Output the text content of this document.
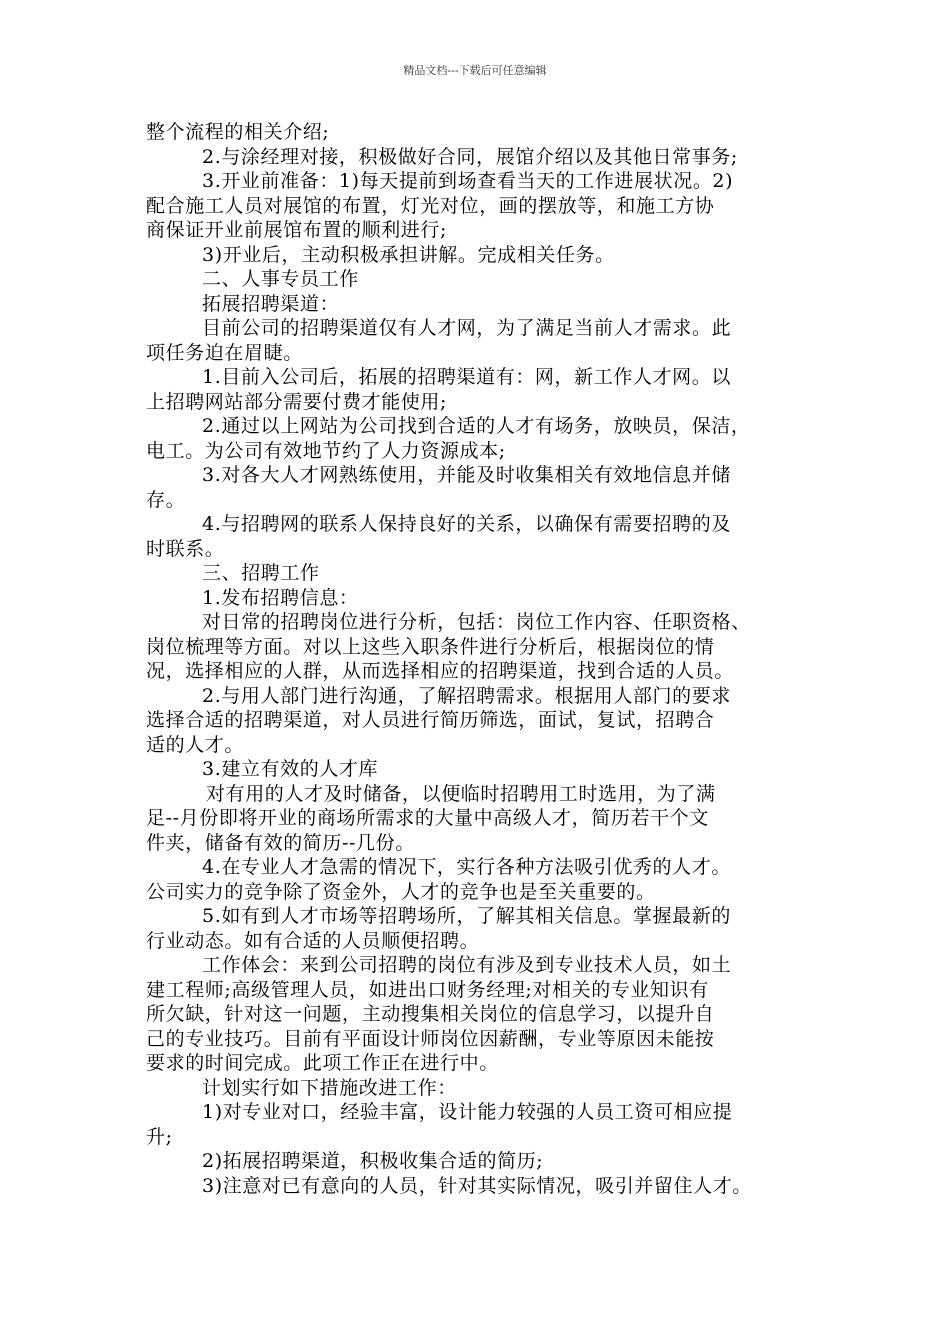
精品文档---下载后可任意编辑
整个流程的相关介绍;
2.与涂经理对接，积极做好合同，展馆介绍以及其他日常事务;
3.开业前准备：1)每天提前到场查看当天的工作进展状况。2)
配合施工人员对展馆的布置，灯光对位，画的摆放等，和施工方协
商保证开业前展馆布置的顺利进行;
3)开业后，主动积极承担讲解。完成相关任务。
二、人事专员工作
拓展招聘渠道：
目前公司的招聘渠道仅有人才网，为了满足当前人才需求。此
项任务迫在眉睫。
1.目前入公司后，拓展的招聘渠道有：网，新工作人才网。以
上招聘网站部分需要付费才能使用;
2.通过以上网站为公司找到合适的人才有场务，放映员，保洁，
电工。为公司有效地节约了人力资源成本;
3.对各大人才网熟练使用，并能及时收集相关有效地信息并储
存。
4.与招聘网的联系人保持良好的关系，以确保有需要招聘的及
时联系。
三、招聘工作
1.发布招聘信息：
对日常的招聘岗位进行分析，包括：岗位工作内容、任职资格、
岗位梳理等方面。对以上这些入职条件进行分析后，根据岗位的情
况，选择相应的人群，从而选择相应的招聘渠道，找到合适的人员。
2.与用人部门进行沟通，了解招聘需求。根据用人部门的要求
选择合适的招聘渠道，对人员进行简历筛选，面试，复试，招聘合
适的人才。
3.建立有效的人才库
对有用的人才及时储备，以便临时招聘用工时选用，为了满
足--月份即将开业的商场所需求的大量中高级人才，简历若干个文
件夹，储备有效的简历--几份。
4.在专业人才急需的情况下，实行各种方法吸引优秀的人才。
公司实力的竞争除了资金外，人才的竞争也是至关重要的。
5.如有到人才市场等招聘场所，了解其相关信息。掌握最新的
行业动态。如有合适的人员顺便招聘。
工作体会：来到公司招聘的岗位有涉及到专业技术人员，如土
建工程师;高级管理人员，如进出口财务经理;对相关的专业知识有
所欠缺，针对这一问题，主动搜集相关岗位的信息学习，以提升自
己的专业技巧。目前有平面设计师岗位因薪酬，专业等原因未能按
要求的时间完成。此项工作正在进行中。
计划实行如下措施改进工作：
1)对专业对口，经验丰富，设计能力较强的人员工资可相应提
升;
2)拓展招聘渠道，积极收集合适的简历;
3)注意对已有意向的人员，针对其实际情况，吸引并留住人才。
